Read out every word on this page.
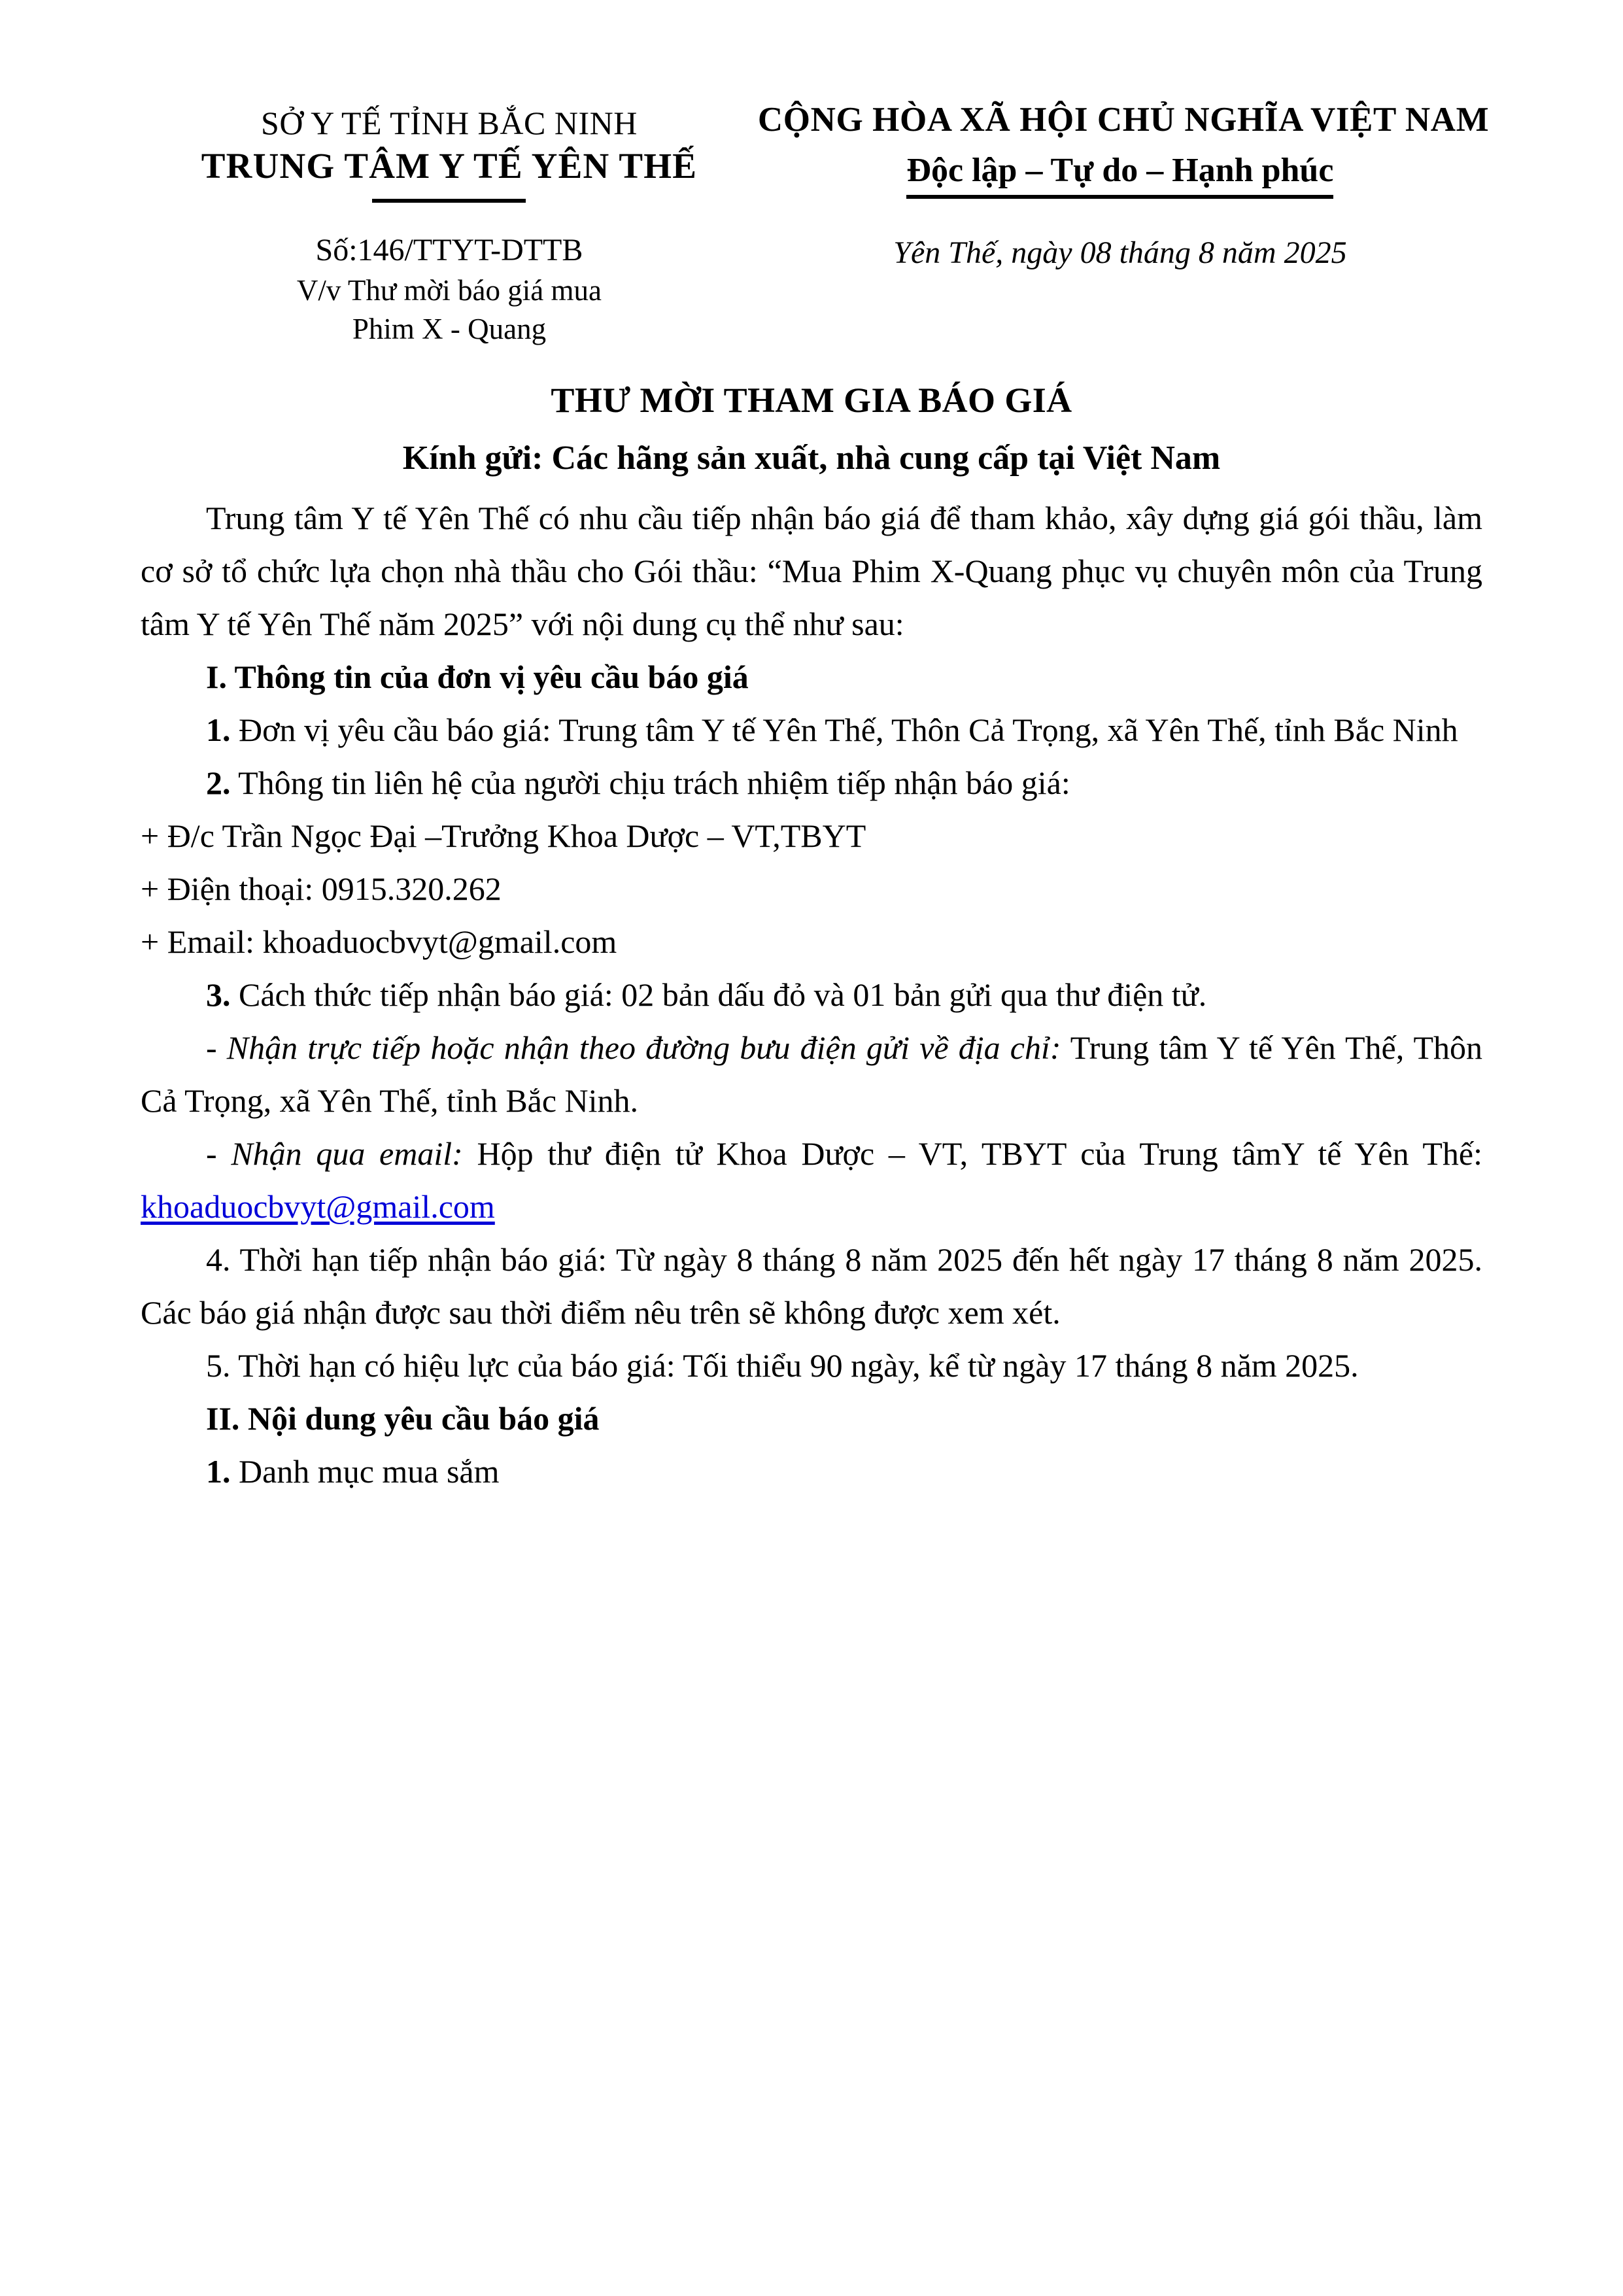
SỞ Y TẾ TỈNH BẮC NINH
TRUNG TÂM Y TẾ YÊN THẾ
CỘNG HÒA XÃ HỘI CHỦ NGHĨA VIỆT NAM
Độc lập – Tự do – Hạnh phúc
Số:146/TTYT-DTTB
V/v Thư mời báo giá mua
Phim X - Quang
Yên Thế, ngày 08 tháng 8 năm 2025
THƯ MỜI THAM GIA BÁO GIÁ
Kính gửi: Các hãng sản xuất, nhà cung cấp tại Việt Nam

Trung tâm Y tế Yên Thế có nhu cầu tiếp nhận báo giá để tham khảo, xây dựng giá gói thầu, làm cơ sở tổ chức lựa chọn nhà thầu cho Gói thầu: “Mua Phim X-Quang phục vụ chuyên môn của Trung tâm Y tế Yên Thế năm 2025” với nội dung cụ thể như sau:

I. Thông tin của đơn vị yêu cầu báo giá

1. Đơn vị yêu cầu báo giá: Trung tâm Y tế Yên Thế, Thôn Cả Trọng, xã Yên Thế, tỉnh Bắc Ninh

2. Thông tin liên hệ của người chịu trách nhiệm tiếp nhận báo giá:

+ Đ/c Trần Ngọc Đại –Trưởng Khoa Dược – VT,TBYT

+ Điện thoại: 0915.320.262

+ Email: khoaduocbvyt@gmail.com

3. Cách thức tiếp nhận báo giá: 02 bản dấu đỏ và 01 bản gửi qua thư điện tử.

- Nhận trực tiếp hoặc nhận theo đường bưu điện gửi về địa chỉ: Trung tâm Y tế Yên Thế, Thôn Cả Trọng, xã Yên Thế, tỉnh Bắc Ninh.

- Nhận qua email: Hộp thư điện tử Khoa Dược – VT, TBYT của Trung tâmY tế Yên Thế: khoaduocbvyt@gmail.com

4. Thời hạn tiếp nhận báo giá: Từ ngày 8 tháng 8 năm 2025 đến hết ngày 17 tháng 8 năm 2025. Các báo giá nhận được sau thời điểm nêu trên sẽ không được xem xét.

5. Thời hạn có hiệu lực của báo giá: Tối thiểu 90 ngày, kể từ ngày 17 tháng 8 năm 2025.

II. Nội dung yêu cầu báo giá

1. Danh mục mua sắm
